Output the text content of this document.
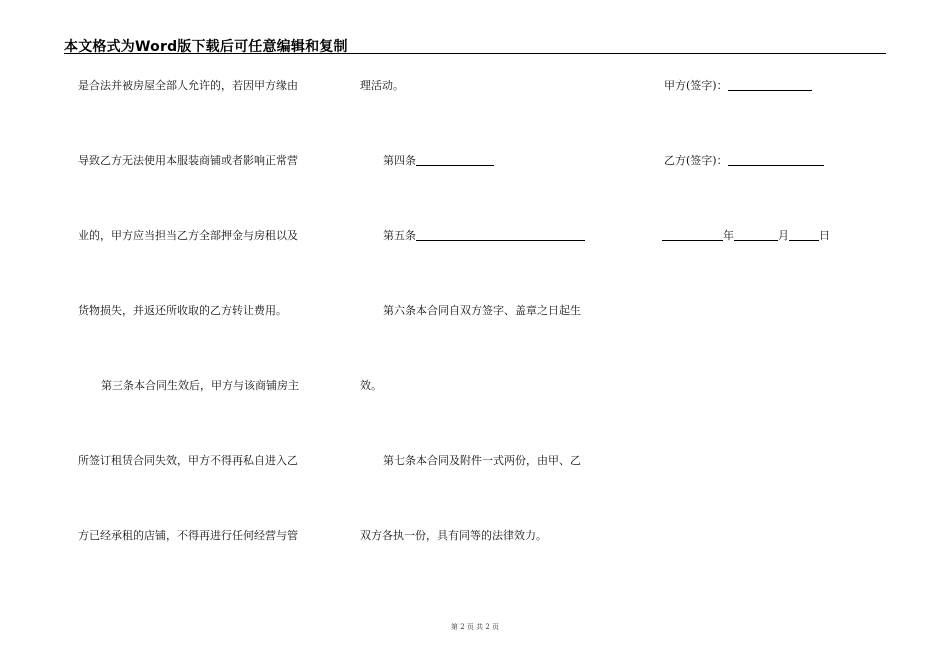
本文格式为Word版下载后可任意编辑和复制
是合法并被房屋全部人允许的，若因甲方缘由
导致乙方无法使用本服装商铺或者影响正常营
业的，甲方应当担当乙方全部押金与房租以及
货物损失，并返还所收取的乙方转让费用。
第三条本合同生效后，甲方与该商铺房主
所签订租赁合同失效，甲方不得再私自进入乙
方已经承租的店铺，不得再进行任何经营与管
理活动。
第四条
第五条
第六条本合同自双方签字、盖章之日起生
效。
第七条本合同及附件一式两份，由甲、乙
双方各执一份，具有同等的法律效力。
甲方(签字)：
乙方(签字)：
年	月	日
第 2 页 共 2 页
